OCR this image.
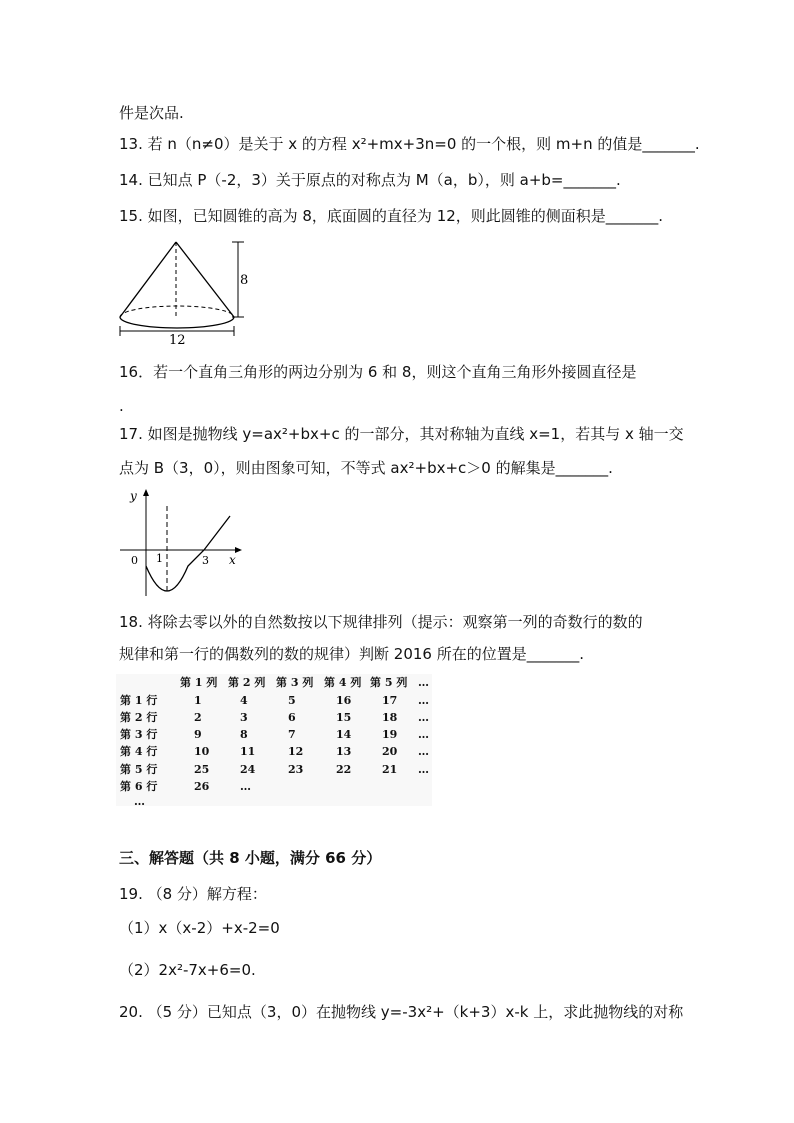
件是次品.
13. 若 n（n≠0）是关于 x 的方程 x²+mx+3n=0 的一个根，则 m+n 的值是_______.
14. 已知点 P（-2，3）关于原点的对称点为 M（a，b），则 a+b=_______.
15. 如图，已知圆锥的高为 8，底面圆的直径为 12，则此圆锥的侧面积是_______.
8
12
16．若一个直角三角形的两边分别为 6 和 8，则这个直角三角形外接圆直径是
.
17. 如图是抛物线 y=ax²+bx+c 的一部分，其对称轴为直线 x=1，若其与 x 轴一交
点为 B（3，0），则由图象可知，不等式 ax²+bx+c＞0 的解集是_______.
y
x
0 1	3
18. 将除去零以外的自然数按以下规律排列（提示：观察第一列的奇数行的数的
规律和第一行的偶数列的数的规律）判断 2016 所在的位置是_______.
第 1 列 第 2 列 第 3 列 第 4 列 第 5 列 …
第 1 行	1	4	5	16	17 …
第 2 行	2	3	6	15	18 …
第 3 行	9	8	7	14	19 …
第 4 行	10	11	12	13	20 …
第 5 行	25	24	23	22	21 …
第 6 行	26	…
…
三、解答题（共 8 小题，满分 66 分）
19. （8 分）解方程：
（1）x（x-2）+x-2=0
（2）2x²-7x+6=0.
20. （5 分）已知点（3，0）在抛物线 y=-3x²+（k+3）x-k 上，求此抛物线的对称
